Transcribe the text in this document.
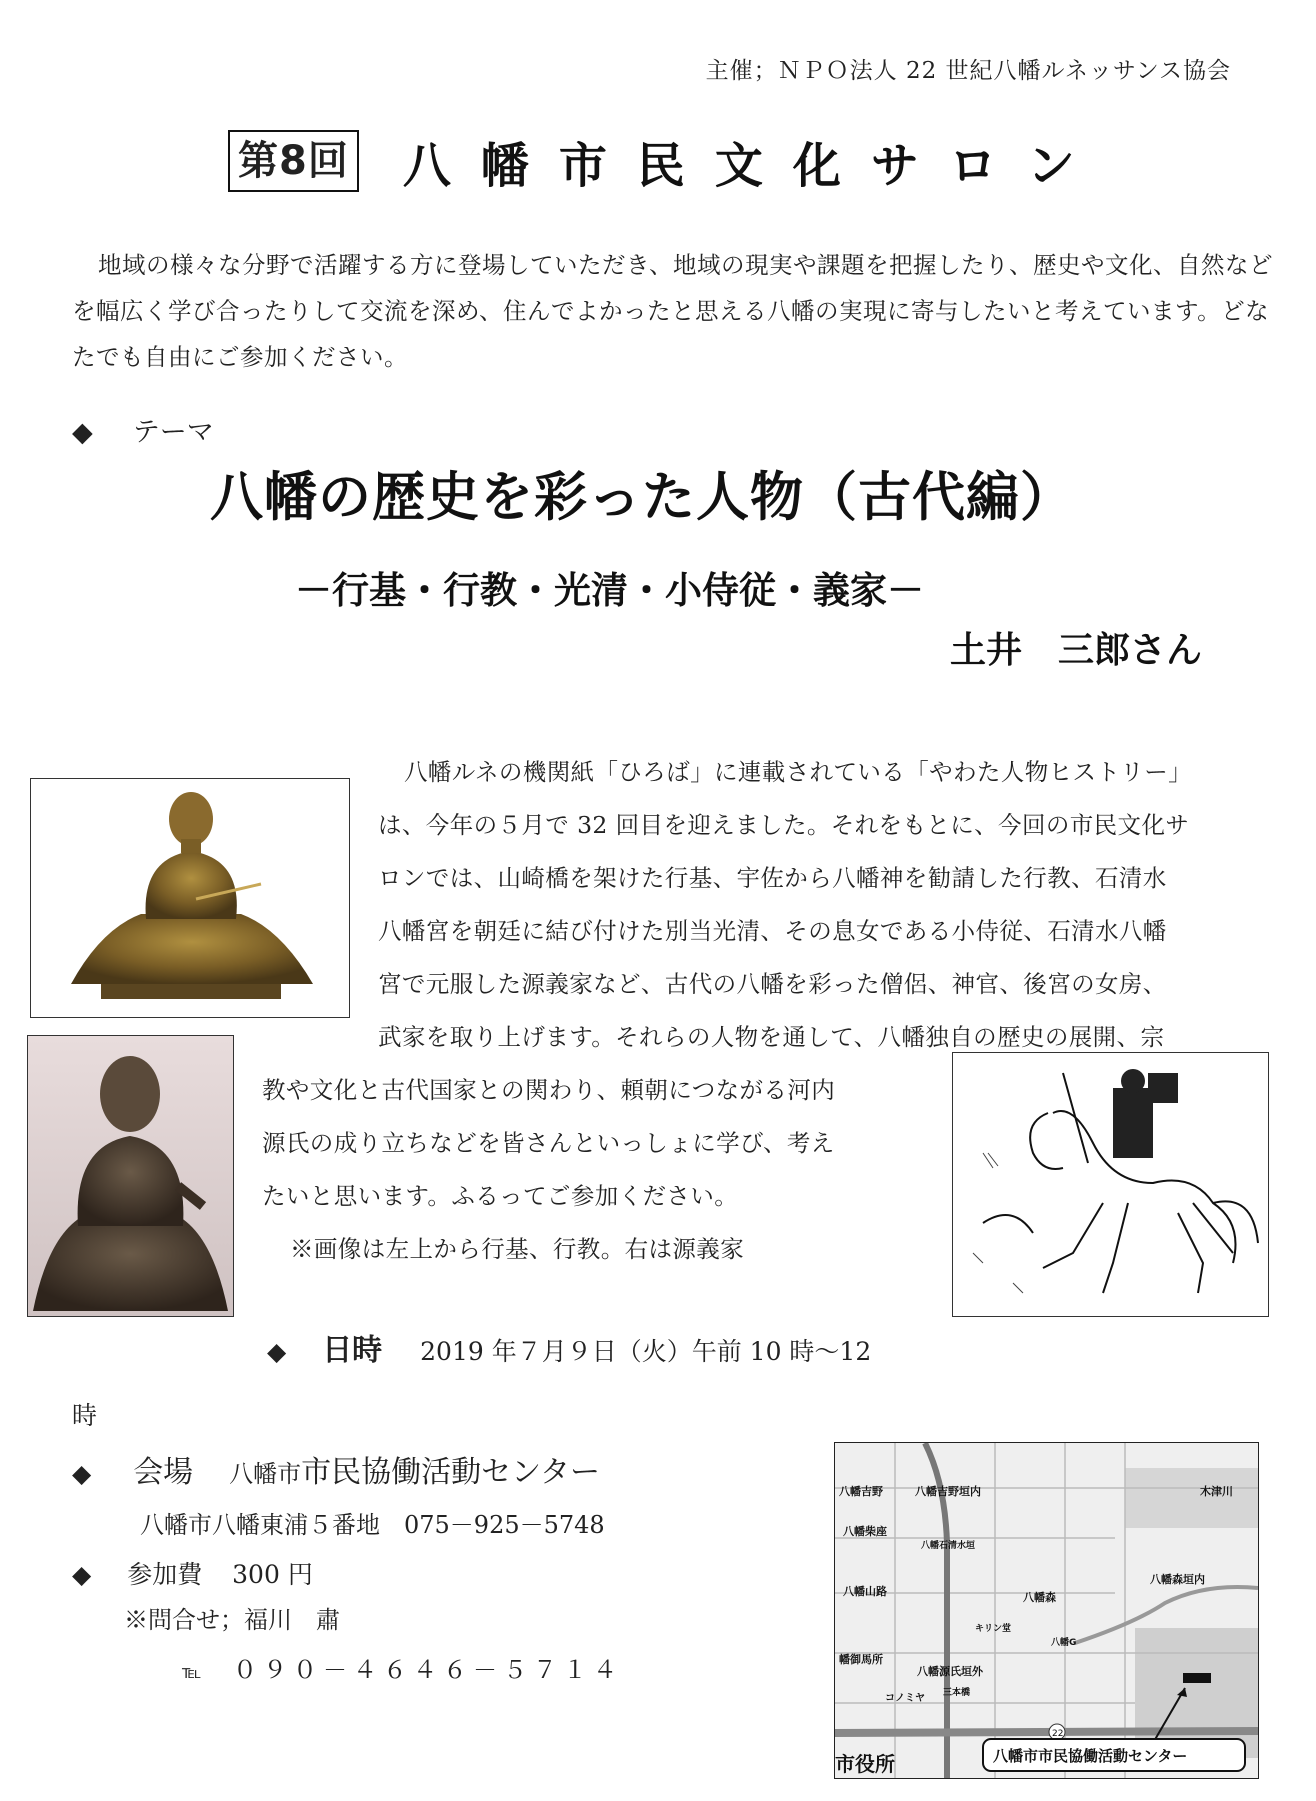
主催；ＮＰＯ法人 22 世紀八幡ルネッサンス協会
第8回 八幡市民文化サロン
地域の様々な分野で活躍する方に登場していただき、地域の現実や課題を把握したり、歴史や文化、自然などを幅広く学び合ったりして交流を深め、住んでよかったと思える八幡の実現に寄与したいと考えています。どなたでも自由にご参加ください。
◆ テーマ
八幡の歴史を彩った人物（古代編）
－行基・行教・光清・小侍従・義家－
土井　三郎さん
八幡ルネの機関紙「ひろば」に連載されている「やわた人物ヒストリー」
は、今年の５月で 32 回目を迎えました。それをもとに、今回の市民文化サ
ロンでは、山崎橋を架けた行基、宇佐から八幡神を勧請した行教、石清水
八幡宮を朝廷に結び付けた別当光清、その息女である小侍従、石清水八幡
宮で元服した源義家など、古代の八幡を彩った僧侶、神官、後宮の女房、
武家を取り上げます。それらの人物を通して、八幡独自の歴史の展開、宗
教や文化と古代国家との関わり、頼朝につながる河内
源氏の成り立ちなどを皆さんといっしょに学び、考え
たいと思います。ふるってご参加ください。
※画像は左上から行基、行教。右は源義家
◆ 日時 2019 年７月９日（火）午前 10 時～12
時
◆ 会場 八幡市市民協働活動センター
八幡市八幡東浦５番地　075－925－5748
◆ 参加費 300 円
※問合せ；福川　肅
℡ ０９０－４６４６－５７１４
22
八幡吉野	八幡吉野垣内	木津川
八幡柴座
八幡石清水垣
八幡山路	八幡森
八幡森垣内
キリン堂
八幡G
幡御馬所
八幡源氏垣外
コノミヤ 三本橋
市役所	八幡市市民協働活動センター
